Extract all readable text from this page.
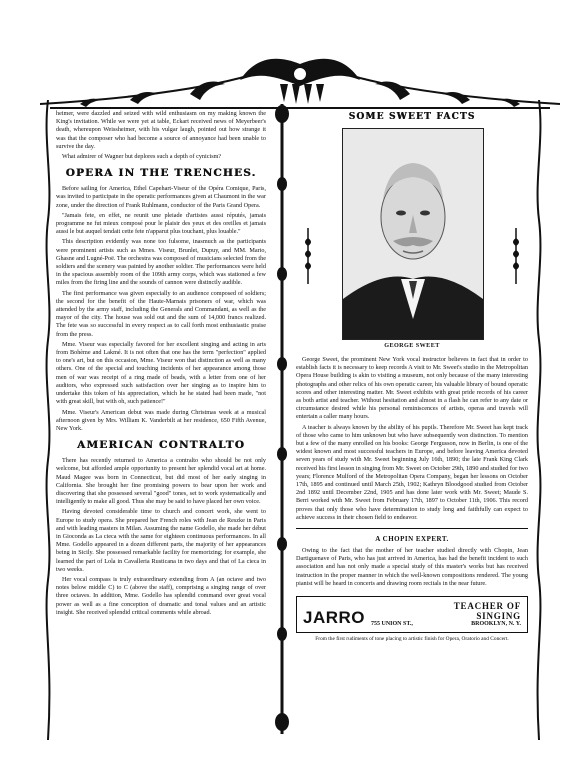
heimer, were dazzled and seized with wild enthusiasm on my making known the King's invitation. While we were yet at table, Eckart received news of Meyerbeer's death, whereupon Weissheimer, with his vulgar laugh, pointed out how strange it was that the composer who had become a source of annoyance had been unable to survive the day.

What admirer of Wagner but deplores such a depth of cynicism?

OPERA IN THE TRENCHES.

Before sailing for America, Ethel Capehart-Viseur of the Opéra Comique, Paris, was invited to participate in the operatic performances given at Chaumont in the war zone, under the direction of Frank Ruhlmann, conductor of the Paris Grand Opera.

"Jamais fete, en effet, ne reunit une pleiade d'artistes aussi réputés, jamais programme ne fut mieux composé pour le plaisir des yeux et des oreilles et jamais aussi le but auquel tendait cette fete n'apparut plus touchant, plus louable."

This description evidently was none too fulsome, inasmuch as the participants were prominent artists such as Mmes. Viseur, Brunlet, Dupuy, and MM. Mario, Ghasne and Lugné-Poë. The orchestra was composed of musicians selected from the soldiers and the scenery was painted by another soldier. The performances were held in the spacious assembly room of the 109th army corps, which was stationed a few miles from the firing line and the sounds of cannon were distinctly audible.

The first performance was given especially to an audience composed of soldiers; the second for the benefit of the Haute-Marnais prisoners of war, which was attended by the army staff, including the Generals and Commandant, as well as the mayor of the city. The house was sold out and the sum of 14,000 francs realized. The fete was so successful in every respect as to call forth most enthusiastic praise from the press.

Mme. Viseur was especially favored for her excellent singing and acting in arts from Bohème and Lakmé. It is not often that one has the term "perfection" applied to one's art, but on this occasion, Mme. Viseur won that distinction as well as many others. One of the special and touching incidents of her appearance among those men of war was receipt of a ring made of beads, with a letter from one of her auditors, who expressed such satisfaction over her singing as to inspire him to undertake this token of his appreciation, which he he stated had been made, "not with great skill, but with oh, such patience!"

Mme. Viseur's American debut was made during Christmas week at a musical afternoon given by Mrs. William K. Vanderbilt at her residence, 650 Fifth Avenue, New York.

AMERICAN CONTRALTO

There has recently returned to America a contralto who should be not only welcome, but afforded ample opportunity to present her splendid vocal art at home. Maud Magee was born in Connecticut, but did most of her early singing in California. She brought her fine promising powers to bear upon her work and discovering that she possessed several "good" tones, set to work systematically and intelligently to make all good. Thus she may be said to have placed her own voice.

Having devoted considerable time to church and concert work, she went to Europe to study opera. She prepared her French roles with Jean de Reszke in Paris and with leading masters in Milan. Assuming the name Godello, she made her début in Gioconda as La cieca with the same for eighteen continuous performances. In all Mme. Godello appeared in a dozen different parts, the majority of her appearances being in Sicily. She possessed remarkable facility for memorizing; for example, she learned the part of Lola in Cavalleria Rusticana in two days and that of La cieca in two weeks.

Her vocal compass is truly extraordinary extending from A (an octave and two notes below middle C) to C (above the staff), comprising a singing range of over three octaves. In addition, Mme. Godello has splendid command over great vocal power as well as a fine conception of dramatic and tonal values and an artistic insight. She received splendid critical comments while abroad.

SOME SWEET FACTS
GEORGE SWEET

George Sweet, the prominent New York vocal instructor believes in fact that in order to establish facts it is necessary to keep records A visit to Mr. Sweet's studio in the Metropolitan Opera House building is akin to visiting a museum, not only because of the many interesting photographs and other relics of his own operatic career, his valuable library of bound operatic scores and other interesting matter. Mr. Sweet exhibits with great pride records of his career as both artist and teacher. Without hesitation and almost in a flash he can refer to any date or circumstance desired while his personal reminiscences of artists, operas and travels will entertain a caller many hours.

A teacher is always known by the ability of his pupils. Therefore Mr. Sweet has kept track of those who came to him unknown but who have subsequently won distinction. To mention but a few of the many enrolled on his books: George Fergusson, now in Berlin, is one of the widest known and most successful teachers in Europe, and before leaving America devoted seven years of study with Mr. Sweet beginning July 16th, 1890; the late Frank King Clark received his first lesson in singing from Mr. Sweet on October 29th, 1890 and studied for two years; Florence Mulford of the Metropolitan Opera Company, began her lessons on October 17th, 1895 and continued until March 25th, 1902; Kathryn Bloodgood studied from October 2nd 1892 until December 22nd, 1905 and has done later work with Mr. Sweet; Maude S. Berri worked with Mr. Sweet from February 17th, 1897 to October 11th, 1906. This record proves that only those who have determination to study long and faithfully can expect to achieve success in their chosen field to endeavor.

A CHOPIN EXPERT.

Owing to the fact that the mother of her teacher studied directly with Chopin, Jean Dartiguenave of Paris, who has just arrived in America, has had the benefit incident to such association and has not only made a special study of this master's works but has received instruction in the proper manner in which the well-known compositions rendered. The young pianist will be heard in concerts and drawing room recitals in the near future.

JARRO 755 UNION ST.,
TEACHER OF SINGING
BROOKLYN, N. Y.
From the first rudiments of tone placing to artistic finish for Opera, Oratorio and Concert.
